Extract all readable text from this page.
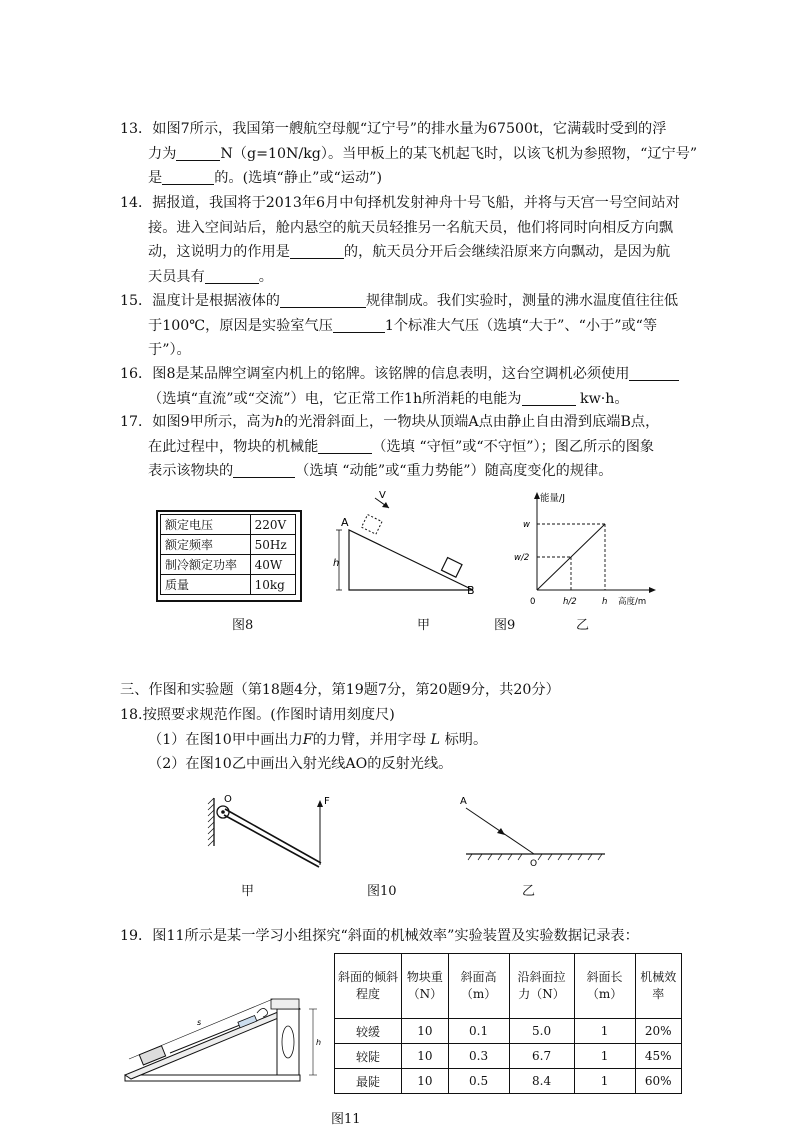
13．如图7所示，我国第一艘航空母舰“辽宁号”的排水量为67500t，它满载时受到的浮
力为	N（g=10N/kg）。当甲板上的某飞机起飞时，以该飞机为参照物，“辽宁号”
是	的。(选填“静止”或“运动”)
14．据报道，我国将于2013年6月中旬择机发射神舟十号飞船，并将与天宫一号空间站对
接。进入空间站后，舱内悬空的航天员轻推另一名航天员，他们将同时向相反方向飘
动，这说明力的作用是	的，航天员分开后会继续沿原来方向飘动，是因为航
天员具有	。
15．温度计是根据液体的	规律制成。我们实验时，测量的沸水温度值往往低
于100℃，原因是实验室气压	1个标准大气压（选填“大于”、“小于”或“等
于”）。
16．图8是某品牌空调室内机上的铭牌。该铭牌的信息表明，这台空调机必须使用
（选填“直流”或“交流”）电，它正常工作1h所消耗的电能为	kw·h。
17．如图9甲所示，高为h的光滑斜面上，一物块从顶端A点由静止自由滑到底端B点，
在此过程中，物块的机械能	（选填 “守恒”或“不守恒”）；图乙所示的图象
表示该物块的	（选填 “动能”或“重力势能”）随高度变化的规律。
额定电压	220V
额定频率	50Hz
制冷额定功率	40W
质量	10kg
图8
h
A
B
V
甲	图9
能量/J
高度/m
0
w
w/2
h/2	h
乙
三、作图和实验题（第18题4分，第19题7分，第20题9分，共20分）
18.按照要求规范作图。(作图时请用刻度尺)
（1）在图10甲中画出力F的力臂，并用字母 L 标明。
（2）在图10乙中画出入射光线AO的反射光线。
O	F
甲	图10
A
O
乙
19．图11所示是某一学习小组探究“斜面的机械效率”实验装置及实验数据记录表：
s
h
斜面的倾斜程度	物块重（N）	斜面高（m）	沿斜面拉力（N）	斜面长（m）	机械效率
较缓	10	0.1	5.0	1	20%
较陡	10	0.3	6.7	1	45%
最陡	10	0.5	8.4	1	60%
图11
